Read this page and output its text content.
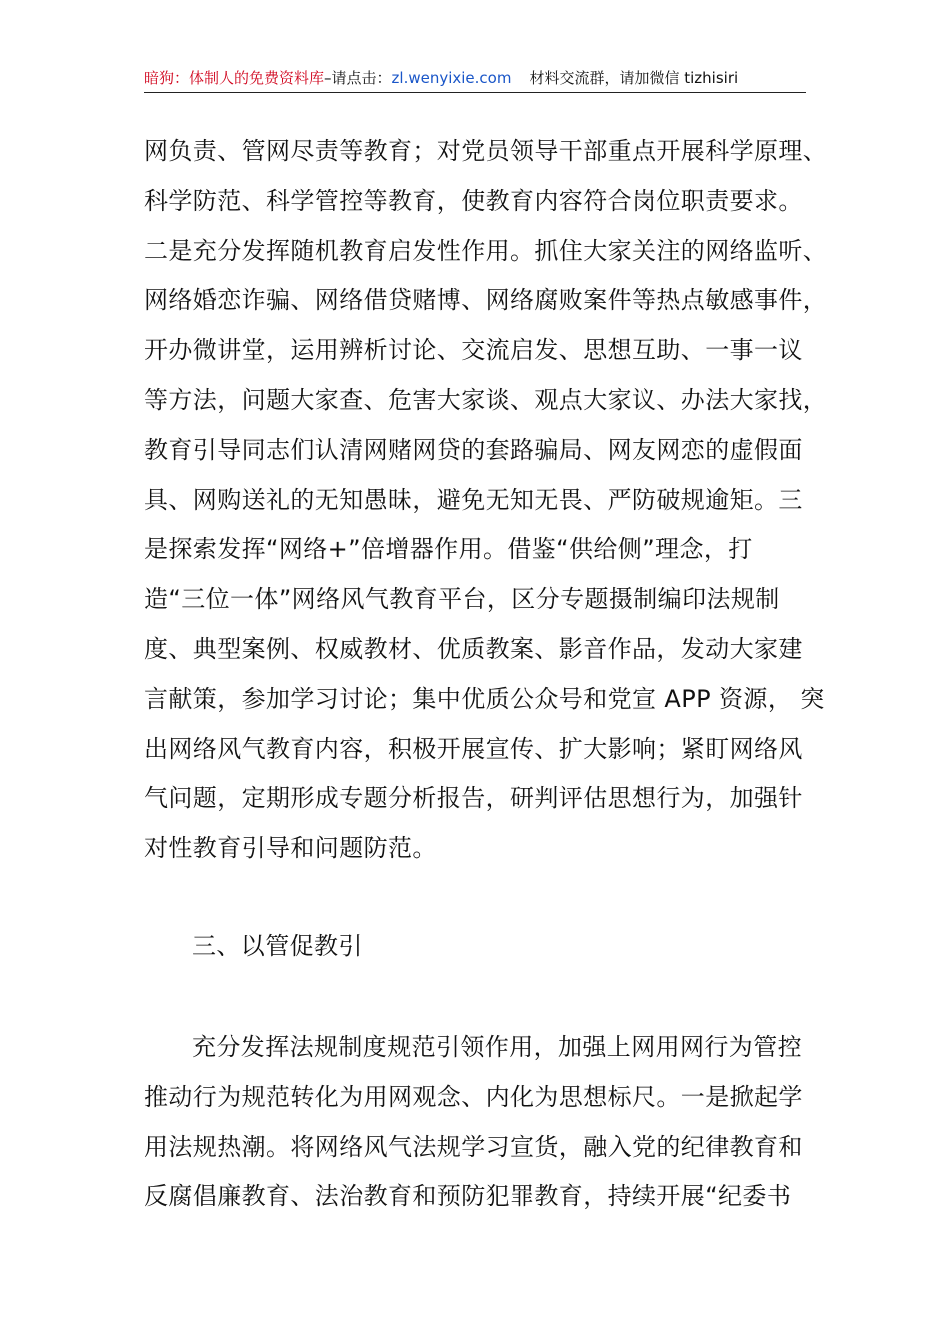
暗狗：体制人的免费资料库–请点击：zl.wenyixie.com 材料交流群，请加微信 tizhisiri
网负责、管网尽责等教育；对党员领导干部重点开展科学原理、
科学防范、科学管控等教育，使教育内容符合岗位职责要求。
二是充分发挥随机教育启发性作用。抓住大家关注的网络监听、
网络婚恋诈骗、网络借贷赌博、网络腐败案件等热点敏感事件，
开办微讲堂，运用辨析讨论、交流启发、思想互助、一事一议
等方法，问题大家查、危害大家谈、观点大家议、办法大家找，
教育引导同志们认清网赌网贷的套路骗局、网友网恋的虚假面
具、网购送礼的无知愚昧，避免无知无畏、严防破规逾矩。三
是探索发挥“网络+”倍增器作用。借鉴“供给侧”理念，打
造“三位一体”网络风气教育平台，区分专题摄制编印法规制
度、典型案例、权威教材、优质教案、影音作品，发动大家建
言献策，参加学习讨论；集中优质公众号和党宣 APP 资源， 突
出网络风气教育内容，积极开展宣传、扩大影响；紧盯网络风
气问题，定期形成专题分析报告，研判评估思想行为，加强针
对性教育引导和问题防范。
三、以管促教引
充分发挥法规制度规范引领作用，加强上网用网行为管控
推动行为规范转化为用网观念、内化为思想标尺。一是掀起学
用法规热潮。将网络风气法规学习宣货，融入党的纪律教育和
反腐倡廉教育、法治教育和预防犯罪教育，持续开展“纪委书
